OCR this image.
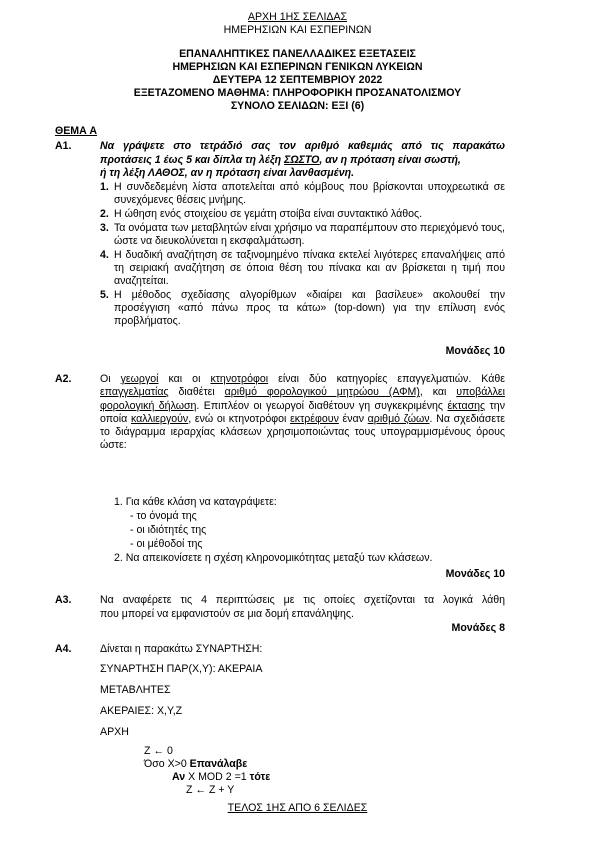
ΑΡΧΗ 1ΗΣ ΣΕΛΙΔΑΣ
ΗΜΕΡΗΣΙΩΝ ΚΑΙ ΕΣΠΕΡΙΝΩΝ
ΕΠΑΝΑΛΗΠΤΙΚΕΣ ΠΑΝΕΛΛΑΔΙΚΕΣ ΕΞΕΤΑΣΕΙΣ
ΗΜΕΡΗΣΙΩΝ ΚΑΙ ΕΣΠΕΡΙΝΩΝ ΓΕΝΙΚΩΝ ΛΥΚΕΙΩΝ
ΔΕΥΤΕΡΑ 12 ΣΕΠΤΕΜΒΡΙΟΥ 2022
ΕΞΕΤΑΖΟΜΕΝΟ ΜΑΘΗΜΑ: ΠΛΗΡΟΦΟΡΙΚΗ ΠΡΟΣΑΝΑΤΟΛΙΣΜΟΥ
ΣΥΝΟΛΟ ΣΕΛΙΔΩΝ: ΕΞΙ (6)
ΘΕΜΑ Α
Α1.	Να γράψετε στο τετράδιό σας τον αριθμό καθεμιάς από τις παρακάτω
προτάσεις 1 έως 5 και δίπλα τη λέξη ΣΩΣΤΟ, αν η πρόταση είναι σωστή,
ή τη λέξη ΛΑΘΟΣ, αν η πρόταση είναι λανθασμένη.
1. Η συνδεδεμένη λίστα αποτελείται από κόμβους που βρίσκονται υποχρεωτικά σε συνεχόμενες θέσεις μνήμης.
2. Η ώθηση ενός στοιχείου σε γεμάτη στοίβα είναι συντακτικό λάθος.
3. Τα ονόματα των μεταβλητών είναι χρήσιμο να παραπέμπουν στο περιεχόμενό τους, ώστε να διευκολύνεται η εκσφαλμάτωση.
4. Η δυαδική αναζήτηση σε ταξινομημένο πίνακα εκτελεί λιγότερες επαναλήψεις από τη σειριακή αναζήτηση σε όποια θέση του πίνακα και αν βρίσκεται η τιμή που αναζητείται.
5. Η μέθοδος σχεδίασης αλγορίθμων «διαίρει και βασίλευε» ακολουθεί την προσέγγιση «από πάνω προς τα κάτω» (top-down) για την επίλυση ενός προβλήματος.
Μονάδες 10
Α2.	Οι γεωργοί και οι κτηνοτρόφοι είναι δύο κατηγορίες επαγγελματιών. Κάθε επαγγελματίας διαθέτει αριθμό φορολογικού μητρώου (ΑΦΜ), και υποβάλλει φορολογική δήλωση. Επιπλέον οι γεωργοί διαθέτουν γη συγκεκριμένης έκτασης την οποία καλλιεργούν, ενώ οι κτηνοτρόφοι εκτρέφουν έναν αριθμό ζώων. Να σχεδιάσετε το διάγραμμα ιεραρχίας κλάσεων χρησιμοποιώντας τους υπογραμμισμένους όρους ώστε:
1. Για κάθε κλάση να καταγράψετε:
- το όνομά της
- οι ιδιότητές της
- οι μέθοδοί της
2. Να απεικονίσετε η σχέση κληρονομικότητας μεταξύ των κλάσεων.
Μονάδες 10
Α3.	Να αναφέρετε τις 4 περιπτώσεις με τις οποίες σχετίζονται τα λογικά λάθη
που μπορεί να εμφανιστούν σε μια δομή επανάληψης.
Μονάδες 8
Α4.	Δίνεται η παρακάτω ΣΥΝΑΡΤΗΣΗ:
ΣΥΝΑΡΤΗΣΗ ΠΑΡ(X,Y): ΑΚΕΡΑΙΑ
ΜΕΤΑΒΛΗΤΕΣ
ΑΚΕΡΑΙΕΣ: X,Y,Z
ΑΡΧΗ
Z ← 0
Όσο X>0 Επανάλαβε
Αν X MOD 2 =1 τότε
Z ← Z + Y
ΤΕΛΟΣ 1ΗΣ ΑΠΟ 6 ΣΕΛΙΔΕΣ
